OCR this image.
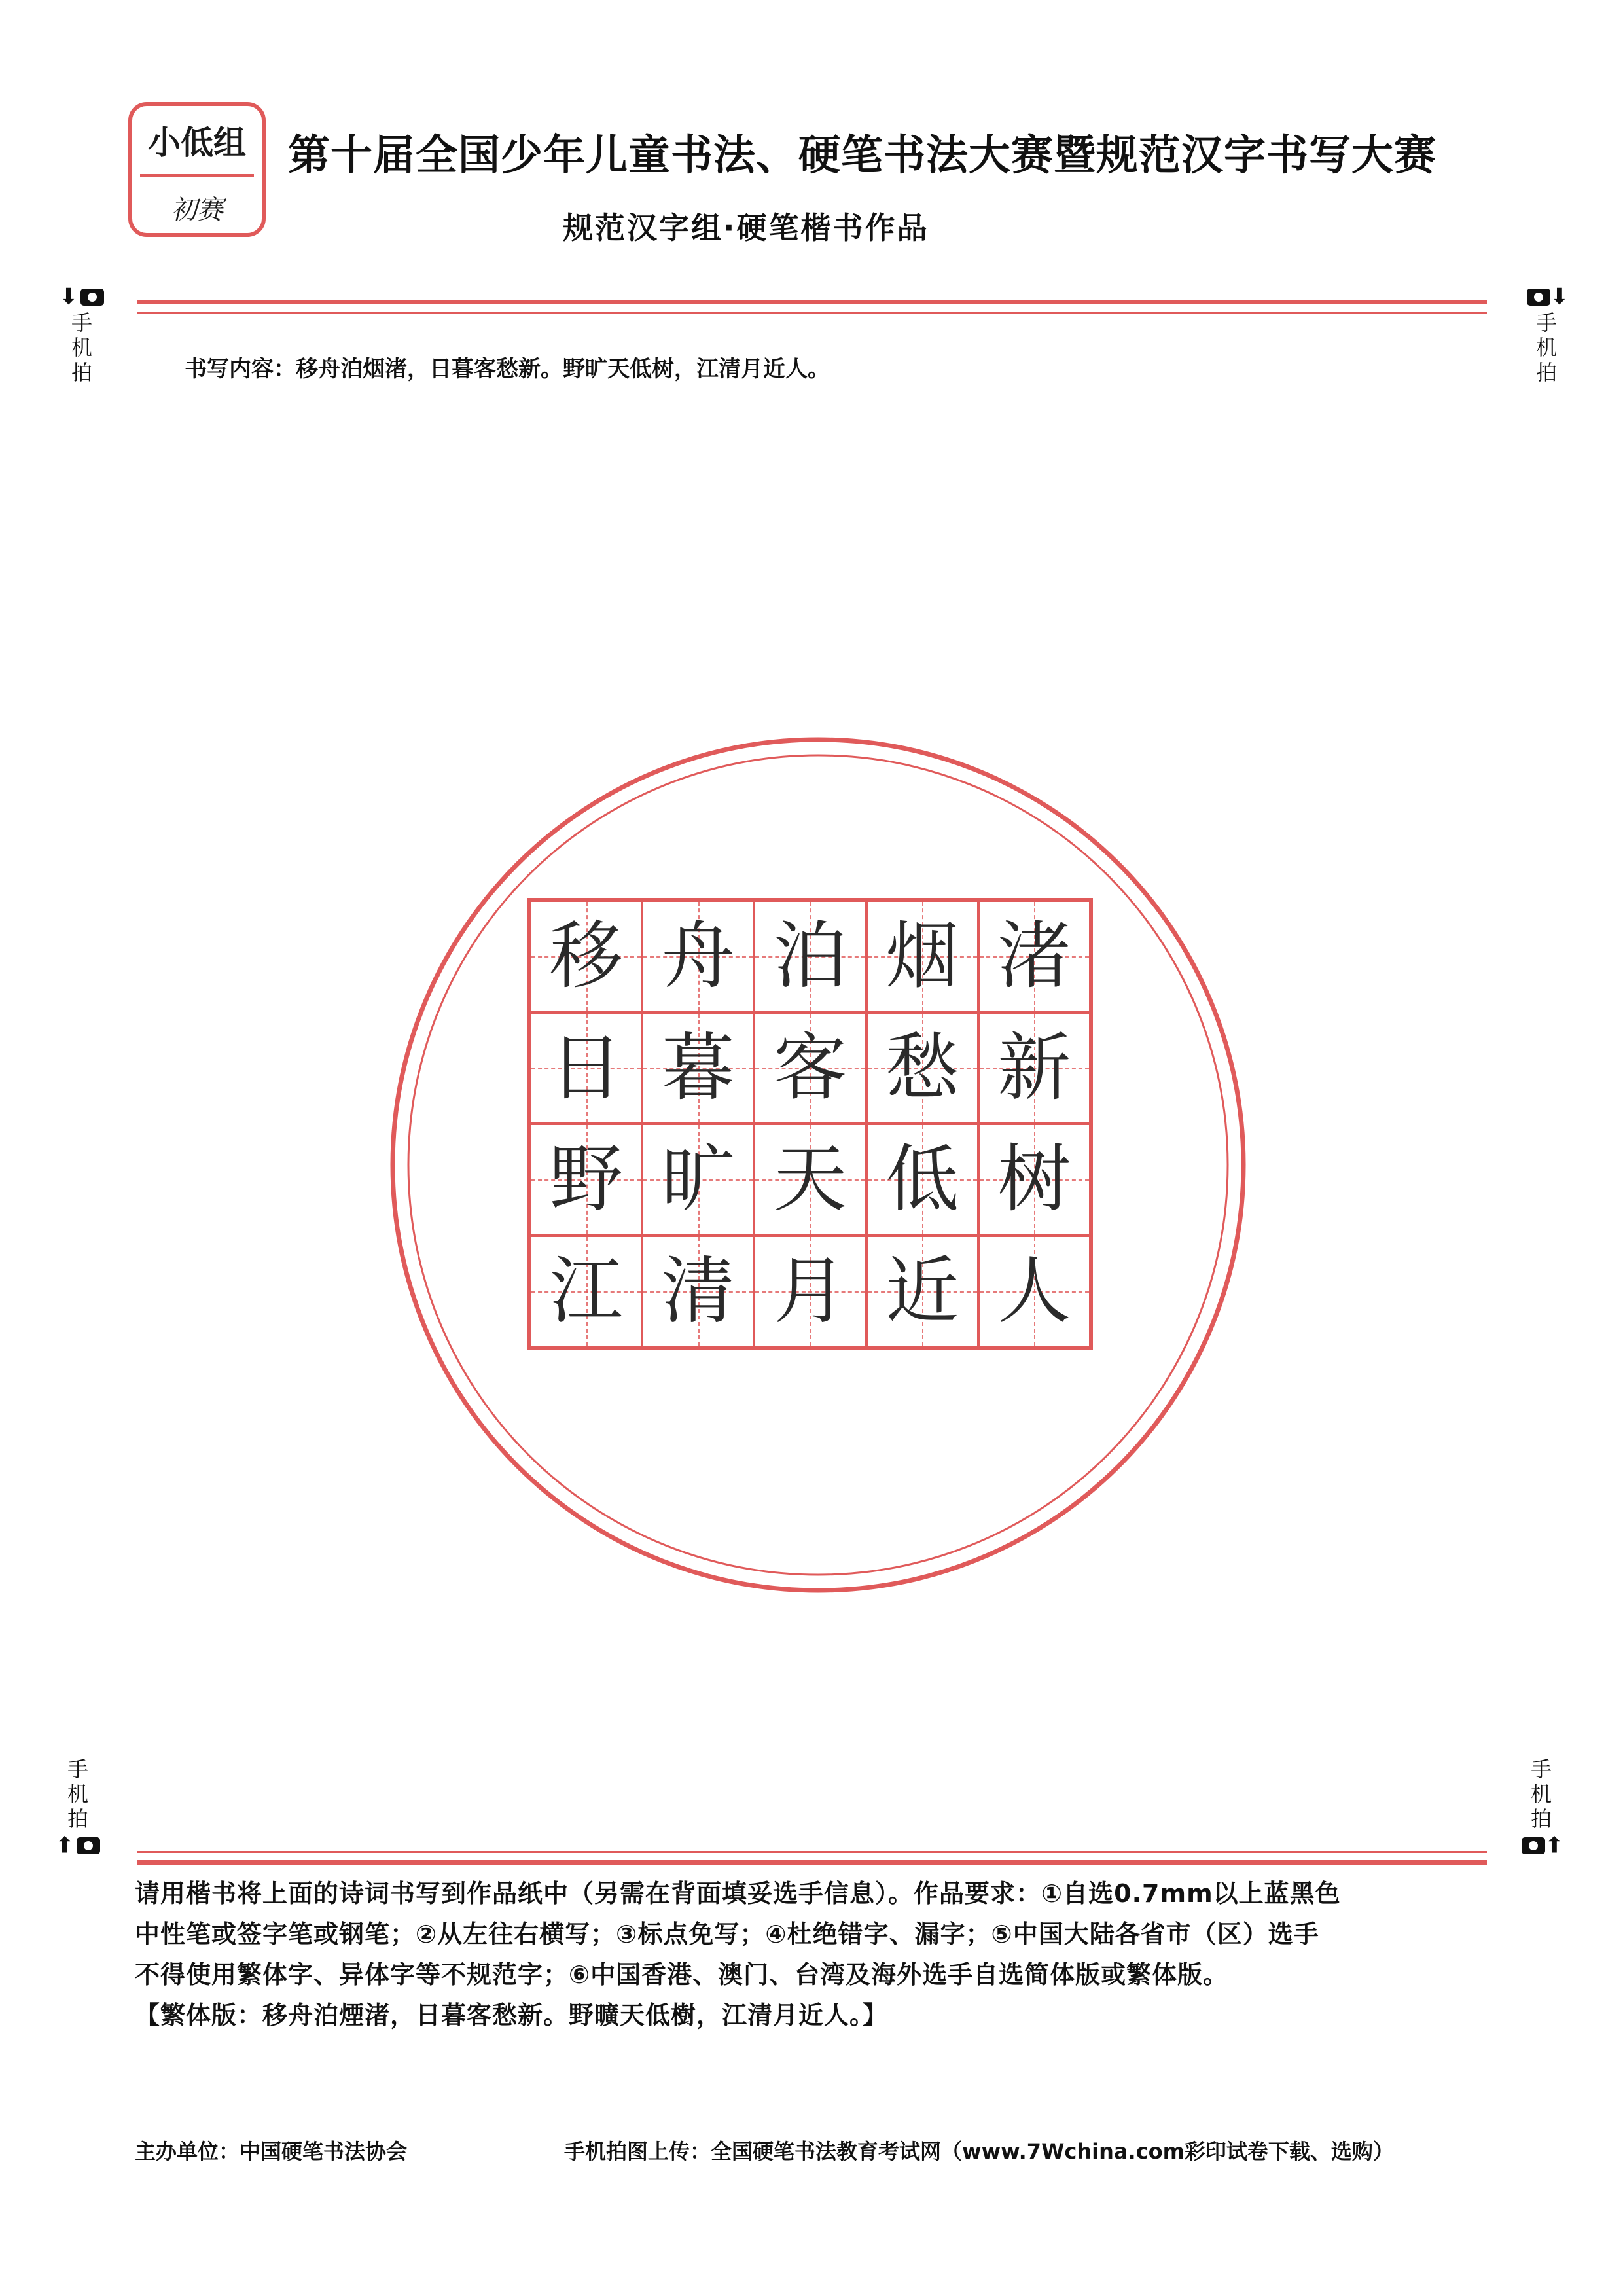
小低组
初赛
第十届全国少年儿童书法、硬笔书法大赛暨规范汉字书写大赛
规范汉字组·硬笔楷书作品
⬇
手
机
拍
⬇
手
机
拍
书写内容：移舟泊烟渚，日暮客愁新。野旷天低树，江清月近人。
移 舟 泊 烟 渚
日 暮 客 愁 新
野 旷 天 低 树
江 清 月 近 人
手
机
拍
⬆
手
机
拍
⬆
请用楷书将上面的诗词书写到作品纸中（另需在背面填妥选手信息）。作品要求：①自选0.7mm以上蓝黑色
中性笔或签字笔或钢笔；②从左往右横写；③标点免写；④杜绝错字、漏字；⑤中国大陆各省市（区）选手
不得使用繁体字、异体字等不规范字；⑥中国香港、澳门、台湾及海外选手自选简体版或繁体版。
【繁体版：移舟泊煙渚，日暮客愁新。野曠天低樹，江清月近人。】
主办单位：中国硬笔书法协会	手机拍图上传：全国硬笔书法教育考试网（www.7Wchina.com彩印试卷下载、选购）
